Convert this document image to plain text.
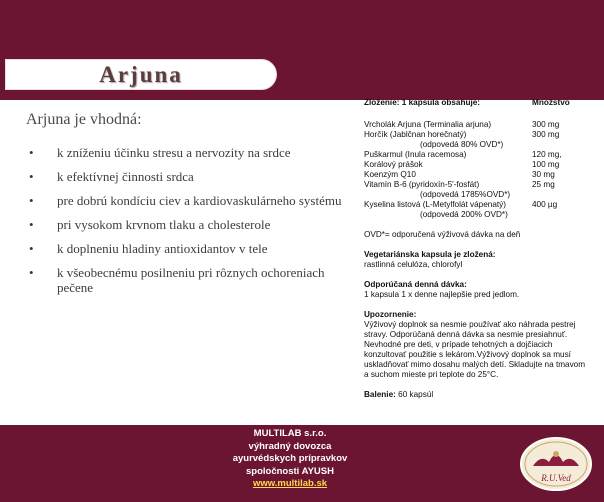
Arjuna
Arjuna je vhodná:
• k zníženiu účinku stresu a nervozity na srdce
• k efektívnej činnosti srdca
• pre dobrú kondíciu ciev a kardiovaskulárneho systému
• pri vysokom krvnom tlaku a cholesterole
• k doplneniu hladiny antioxidantov v tele
• k všeobecnému posilneniu pri rôznych ochoreniach pečene
Zloženie: 1 kapsula obsahuje:	Množstvo
Vrcholák Arjuna (Terminalia arjuna)	300 mg
Horčík (Jablčnan horečnatý)	300 mg
(odpovedá 80% OVD*)
Puškarmul (Inula racemosa)	120 mg,
Korálový prášok	100 mg
Koenzým Q10	30 mg
Vitamín B-6 (pyridoxín-5'-fosfát)	25 mg
(odpovedá 1785%OVD*)
Kyselina listová (L-Metylfolát vápenatý)	400 µg
(odpovedá 200% OVD*)
OVD*= odporučená výživová dávka na deň
Vegetariánska kapsula je zložená:
rastlinná celulóza, chlorofyl
Odporúčaná denná dávka:
1 kapsula 1 x denne najlepšie pred jedlom.
Upozornenie:
Výživový doplnok sa nesmie používať ako náhrada pestrej stravy. Odporúčaná denná dávka sa nesmie presiahnuť. Nevhodné pre deti, v prípade tehotných a dojčiacich konzultovať použitie s lekárom.Výživový doplnok sa musí uskladňovať mimo dosahu malých detí. Skladujte na tmavom a suchom mieste pri teplote do 25°C.
Balenie: 60 kapsúl
MULTILAB s.r.o.
výhradný dovozca
ayurvédskych prípravkov
spoločnosti AYUSH
www.multilab.sk	R.U.Ved
